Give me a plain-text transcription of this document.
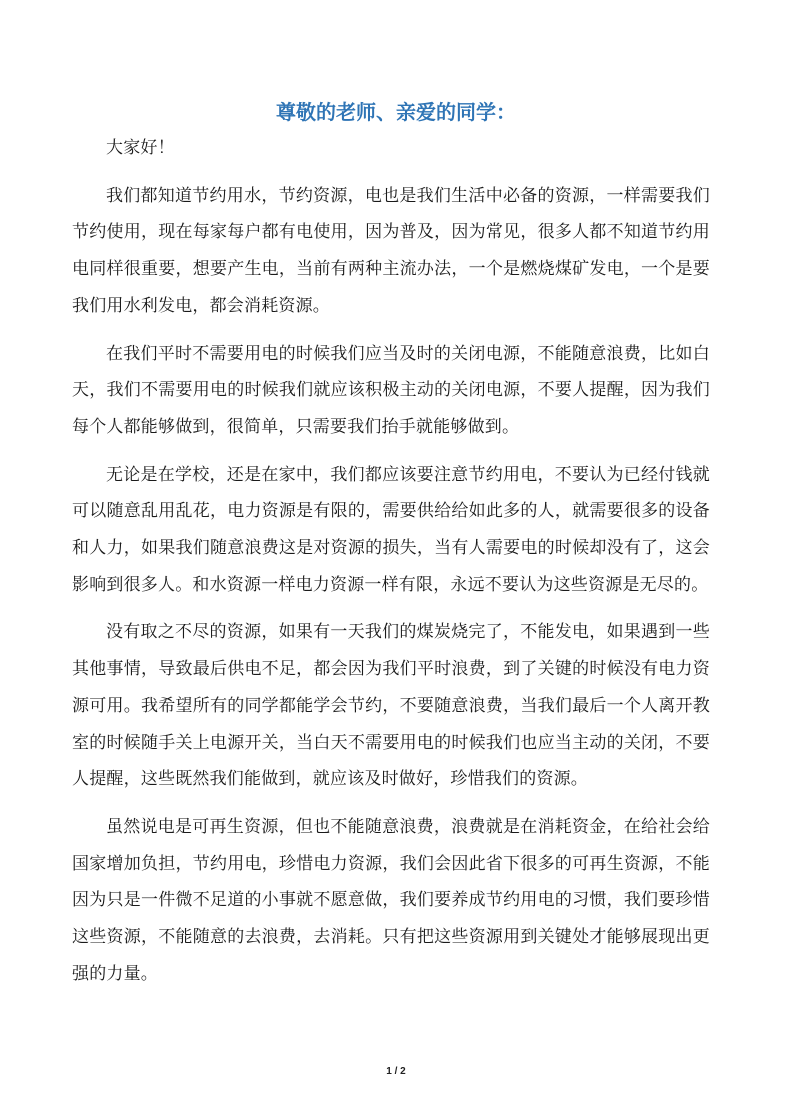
尊敬的老师、亲爱的同学：

大家好！

我们都知道节约用水，节约资源，电也是我们生活中必备的资源，一样需要我们节约使用，现在每家每户都有电使用，因为普及，因为常见，很多人都不知道节约用电同样很重要，想要产生电，当前有两种主流办法，一个是燃烧煤矿发电，一个是要我们用水利发电，都会消耗资源。

在我们平时不需要用电的时候我们应当及时的关闭电源，不能随意浪费，比如白天，我们不需要用电的时候我们就应该积极主动的关闭电源，不要人提醒，因为我们每个人都能够做到，很简单，只需要我们抬手就能够做到。

无论是在学校，还是在家中，我们都应该要注意节约用电，不要认为已经付钱就可以随意乱用乱花，电力资源是有限的，需要供给给如此多的人，就需要很多的设备和人力，如果我们随意浪费这是对资源的损失，当有人需要电的时候却没有了，这会影响到很多人。和水资源一样电力资源一样有限，永远不要认为这些资源是无尽的。

没有取之不尽的资源，如果有一天我们的煤炭烧完了，不能发电，如果遇到一些其他事情，导致最后供电不足，都会因为我们平时浪费，到了关键的时候没有电力资源可用。我希望所有的同学都能学会节约，不要随意浪费，当我们最后一个人离开教室的时候随手关上电源开关，当白天不需要用电的时候我们也应当主动的关闭，不要人提醒，这些既然我们能做到，就应该及时做好，珍惜我们的资源。

虽然说电是可再生资源，但也不能随意浪费，浪费就是在消耗资金，在给社会给国家增加负担，节约用电，珍惜电力资源，我们会因此省下很多的可再生资源，不能因为只是一件微不足道的小事就不愿意做，我们要养成节约用电的习惯，我们要珍惜这些资源，不能随意的去浪费，去消耗。只有把这些资源用到关键处才能够展现出更强的力量。

1 / 2
